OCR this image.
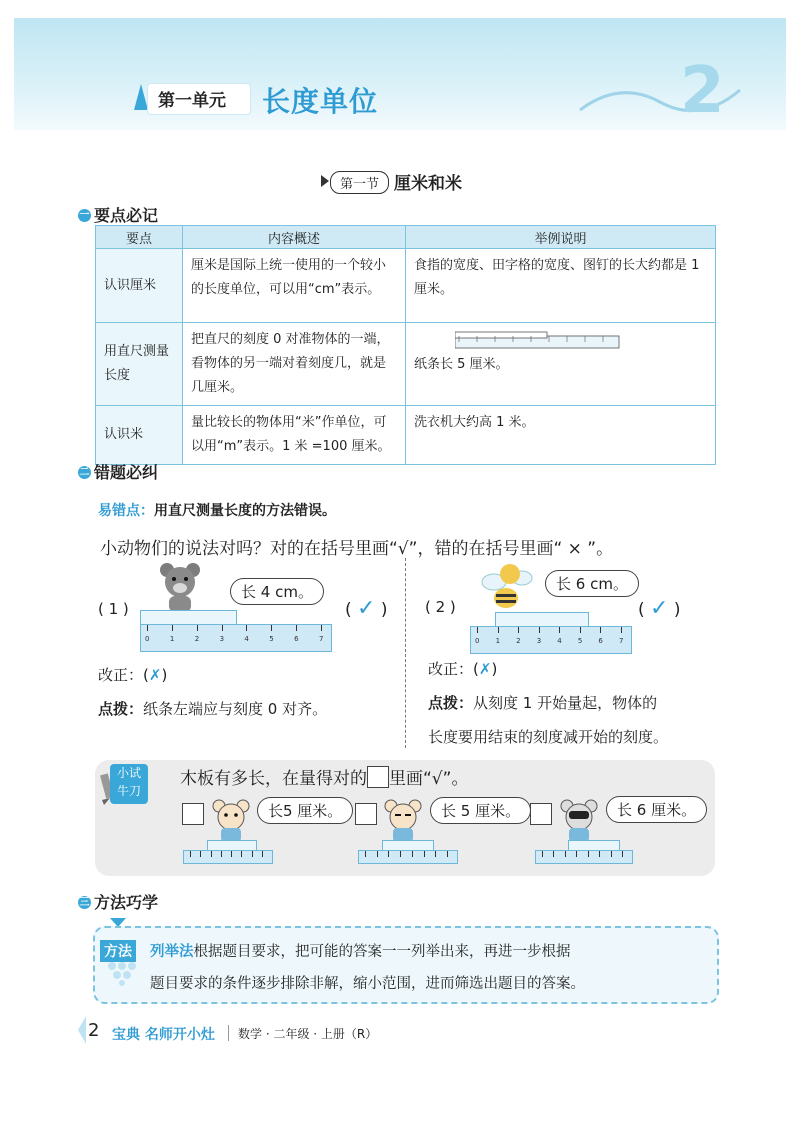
2
第一单元 长度单位
第一节 厘米和米
一 要点必记
要点	内容概述	举例说明
认识厘米	厘米是国际上统一使用的一个较小的长度单位，可以用“cm”表示。	食指的宽度、田字格的宽度、图钉的长大约都是 1 厘米。
用直尺测量长度	把直尺的刻度 0 对准物体的一端，看物体的另一端对着刻度几，就是几厘米。	纸条长 5 厘米。
认识米	量比较长的物体用“米”作单位，可以用“m”表示。1 米 =100 厘米。	洗衣机大约高 1 米。
二 错题必纠
易错点：用直尺测量长度的方法错误。
小动物们的说法对吗？对的在括号里画“√”，错的在括号里画“ × ”。
( 1 )
长 4 cm。
0	1	2	3	4	5	6	7
( ✓ )
改正：(✗)
点拨：纸条左端应与刻度 0 对齐。
( 2 )
长 6 cm。
0 1 2 3 4 5 6 7
( ✓ )
改正：(✗)
点拨：从刻度 1 开始量起，物体的
长度要用结束的刻度减开始的刻度。
小试
牛刀
木板有多长，在量得对的 里画“√”。
长5 厘米。	长 5 厘米。	长 6 厘米。
三 方法巧学
方法 列举法根据题目要求，把可能的答案一一列举出来，再进一步根据
题目要求的条件逐步排除非解，缩小范围，进而筛选出题目的答案。
2 宝典 名师开小灶 数学 · 二年级 · 上册（R）
